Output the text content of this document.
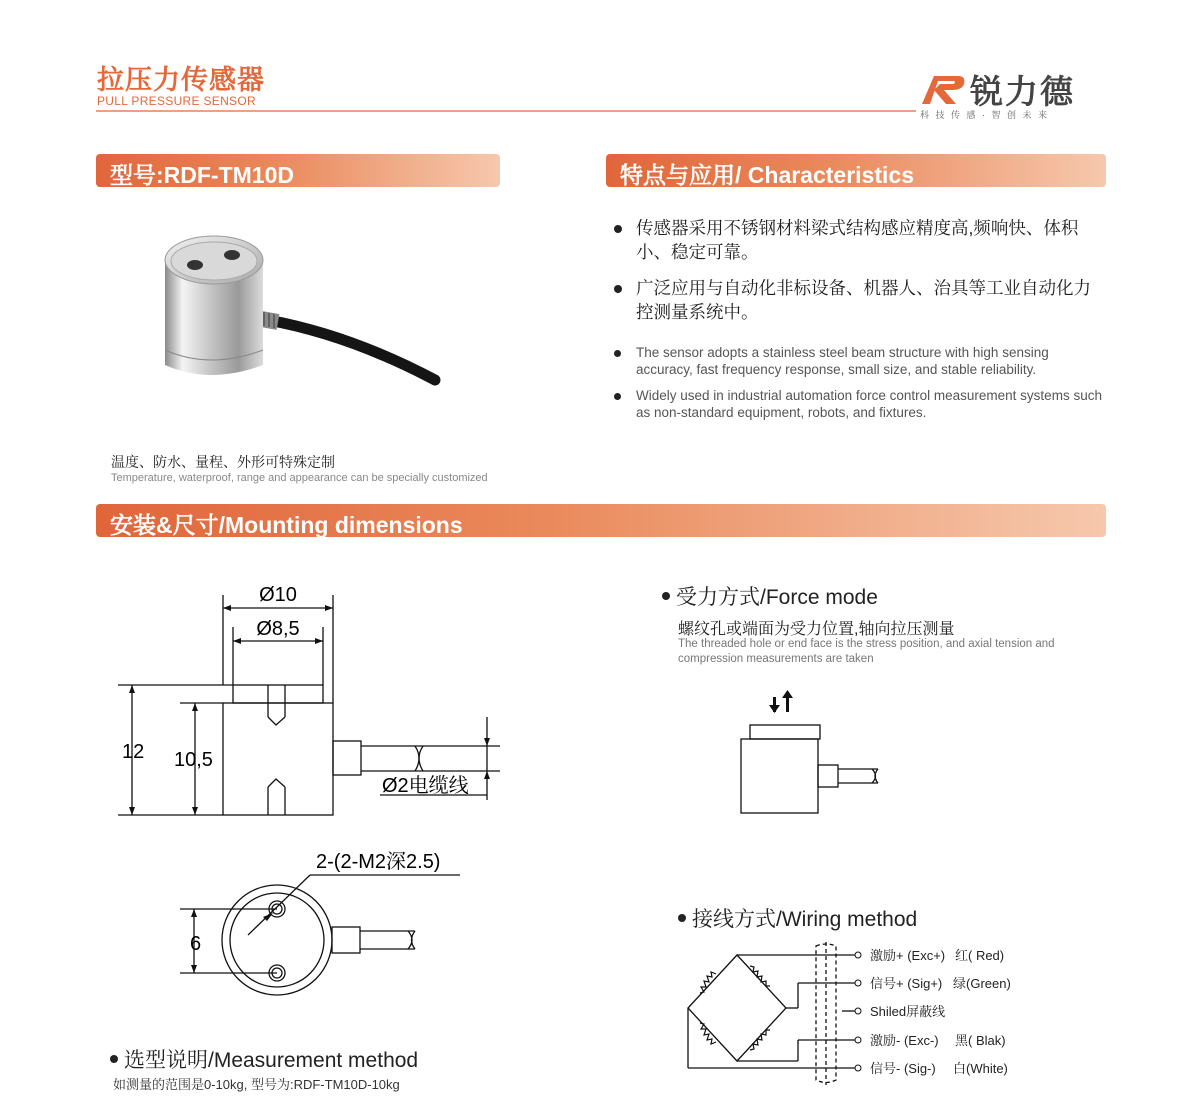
拉压力传感器
PULL PRESSURE SENSOR	锐力德
科技传感·智创未来
型号:RDF-TM10D	特点与应用/ Characteristics
温度、防水、量程、外形可特殊定制
Temperature, waterproof, range and appearance can be specially customized
传感器采用不锈钢材料梁式结构感应精度高,频响快、体积小、稳定可靠。
广泛应用与自动化非标设备、机器人、治具等工业自动化力控测量系统中。
The sensor adopts a stainless steel beam structure with high sensing accuracy, fast frequency response, small size, and stable reliability.
Widely used in industrial automation force control measurement systems such as non-standard equipment, robots, and fixtures.
安装&尺寸/Mounting dimensions
Ø10
Ø8,5
12 10,5
Ø2电缆线
2-(2-M2深2.5)
6
选型说明/Measurement method
如测量的范围是0-10kg, 型号为:RDF-TM10D-10kg
受力方式/Force mode
螺纹孔或端面为受力位置,轴向拉压测量
The threaded hole or end face is the stress position, and axial tension and compression measurements are taken
接线方式/Wiring method
激励+ (Exc+) 红( Red)
信号+ (Sig+) 绿(Green)
Shiled屏蔽线
激励- (Exc-) 黑( Blak)
信号- (Sig-) 白(White)
